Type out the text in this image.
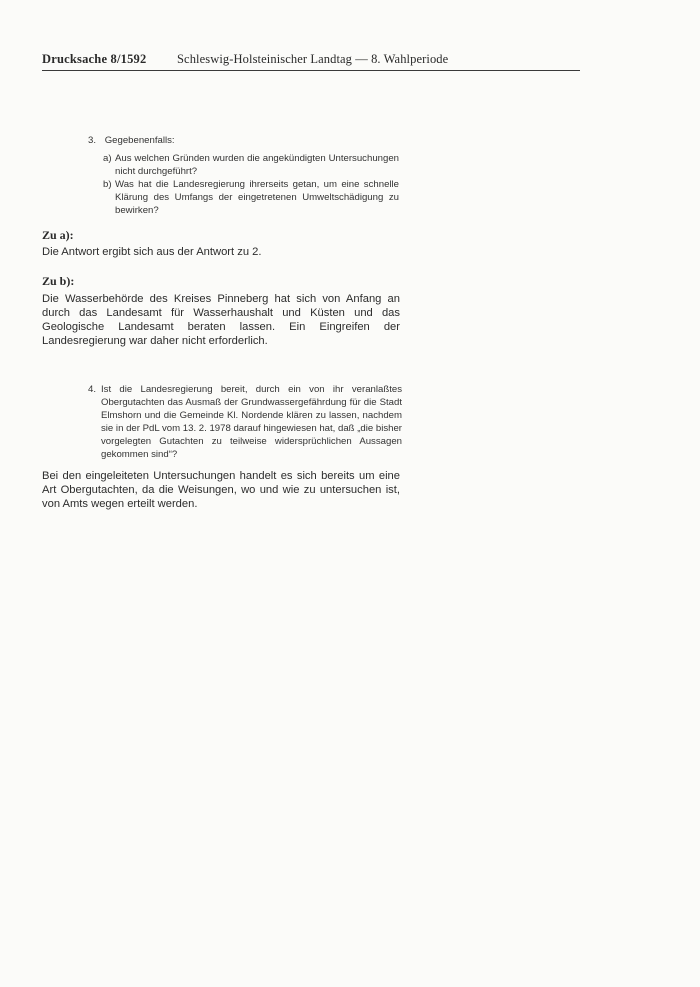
Drucksache 8/1592 Schleswig-Holsteinischer Landtag — 8. Wahlperiode
3. Gegebenenfalls:
a) Aus welchen Gründen wurden die angekündigten Untersuchungen nicht durchgeführt?
b) Was hat die Landesregierung ihrerseits getan, um eine schnelle Klärung des Umfangs der eingetretenen Umweltschädigung zu bewirken?
Zu a):
Die Antwort ergibt sich aus der Antwort zu 2.
Zu b):
Die Wasserbehörde des Kreises Pinneberg hat sich von Anfang an durch das Landesamt für Wasserhaushalt und Küsten und das Geologische Landesamt beraten lassen. Ein Eingreifen der Landesregierung war daher nicht erforderlich.
4. Ist die Landesregierung bereit, durch ein von ihr veranlaßtes Obergutachten das Ausmaß der Grundwassergefährdung für die Stadt Elmshorn und die Gemeinde Kl. Nordende klären zu lassen, nachdem sie in der PdL vom 13. 2. 1978 darauf hingewiesen hat, daß „die bisher vorgelegten Gutachten zu teilweise widersprüchlichen Aussagen gekommen sind“?
Bei den eingeleiteten Untersuchungen handelt es sich bereits um eine Art Obergutachten, da die Weisungen, wo und wie zu untersuchen ist, von Amts wegen erteilt werden.
